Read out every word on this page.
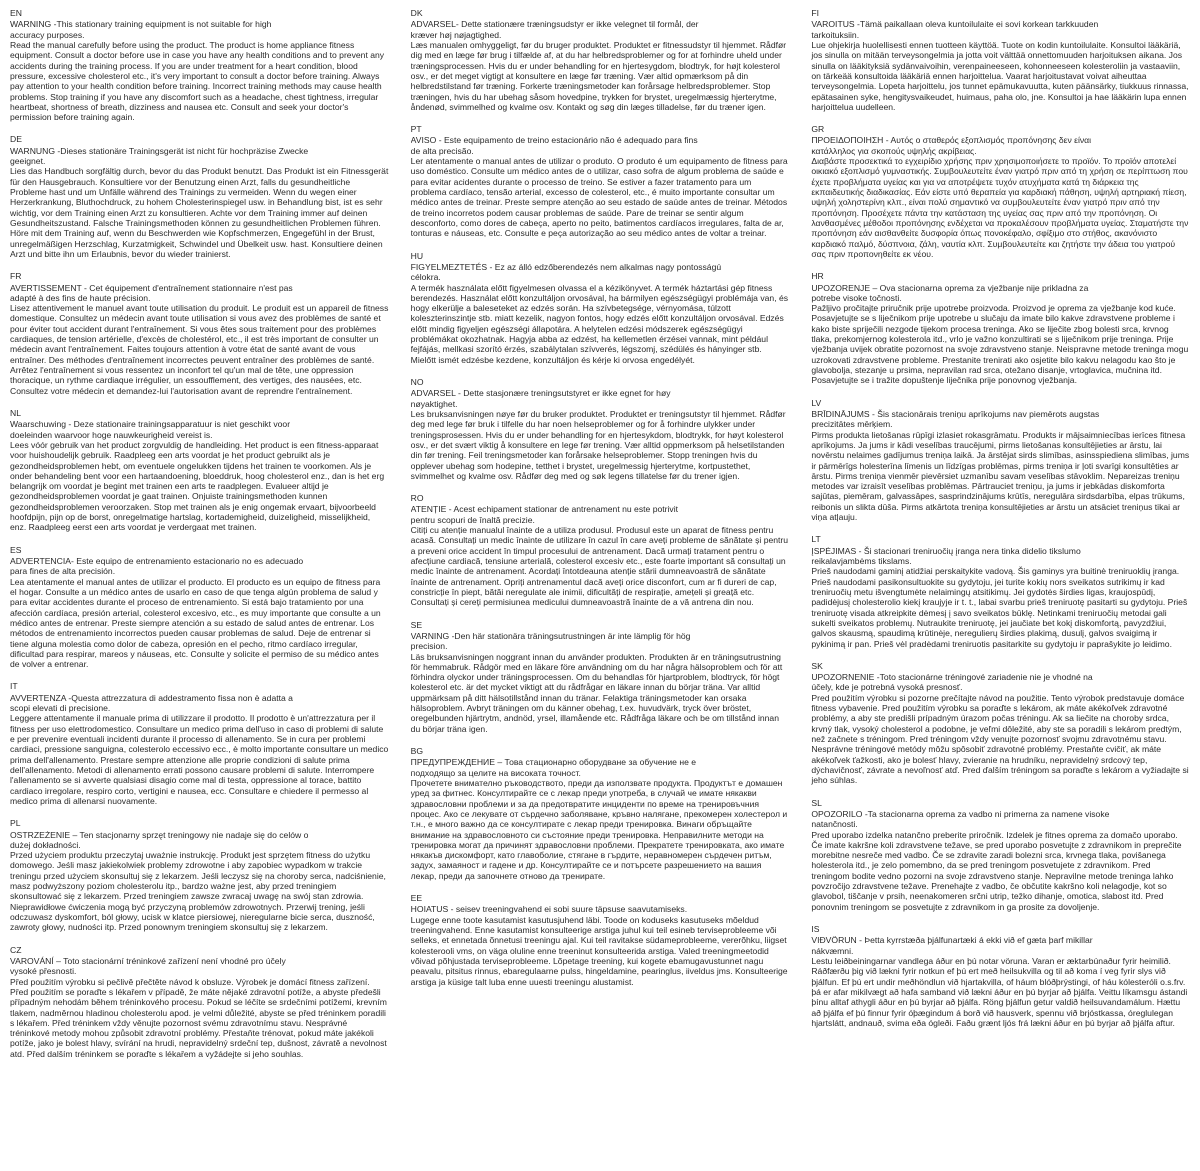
EN
WARNING -This stationary training equipment is not suitable for high
accuracy purposes.
Read the manual carefully before using the product. The product is home appliance fitness equipment. Consult a doctor before use in case you have any health conditions and to prevent any accidents during the training process. If you are under treatment for a heart condition, blood pressure, excessive cholesterol etc., it's very important to consult a doctor before training. Always pay attention to your health condition before training. Incorrect training methods may cause health problems. Stop training if you have any discomfort such as a headache, chest tightness, irregular heartbeat, shortness of breath, dizziness and nausea etc. Consult and seek your doctor's permission before training again.
DE
WARNUNG -Dieses stationäre Trainingsgerät ist nicht für hochpräzise Zwecke
geeignet.
Lies das Handbuch sorgfältig durch, bevor du das Produkt benutzt. Das Produkt ist ein Fitnessgerät für den Hausgebrauch. Konsultiere vor der Benutzung einen Arzt, falls du gesundheitliche Probleme hast und um Unfälle während des Trainings zu vermeiden. Wenn du wegen einer Herzerkrankung, Bluthochdruck, zu hohem Cholesterinspiegel usw. in Behandlung bist, ist es sehr wichtig, vor dem Training einen Arzt zu konsultieren. Achte vor dem Training immer auf deinen Gesundheitszustand. Falsche Trainingsmethoden können zu gesundheitlichen Problemen führen. Höre mit dem Training auf, wenn du Beschwerden wie Kopfschmerzen, Engegefühl in der Brust, unregelmäßigen Herzschlag, Kurzatmigkeit, Schwindel und Übelkeit usw. hast. Konsultiere deinen Arzt und bitte ihn um Erlaubnis, bevor du wieder trainierst.
FR
AVERTISSEMENT - Cet équipement d'entraînement stationnaire n'est pas
adapté à des fins de haute précision.
Lisez attentivement le manuel avant toute utilisation du produit. Le produit est un appareil de fitness domestique. Consultez un médecin avant toute utilisation si vous avez des problèmes de santé et pour éviter tout accident durant l'entraînement. Si vous êtes sous traitement pour des problèmes cardiaques, de tension artérielle, d'excès de cholestérol, etc., il est très important de consulter un médecin avant l'entraînement. Faites toujours attention à votre état de santé avant de vous entraîner. Des méthodes d'entraînement incorrectes peuvent entraîner des problèmes de santé. Arrêtez l'entraînement si vous ressentez un inconfort tel qu'un mal de tête, une oppression thoracique, un rythme cardiaque irrégulier, un essoufflement, des vertiges, des nausées, etc. Consultez votre médecin et demandez-lui l'autorisation avant de reprendre l'entraînement.
NL
Waarschuwing - Deze stationaire trainingsapparatuur is niet geschikt voor
doeleinden waarvoor hoge nauwkeurigheid vereist is.
Lees vóór gebruik van het product zorgvuldig de handleiding. Het product is een fitness-apparaat voor huishoudelijk gebruik. Raadpleeg een arts voordat je het product gebruikt als je gezondheidsproblemen hebt, om eventuele ongelukken tijdens het trainen te voorkomen. Als je onder behandeling bent voor een hartaandoening, bloeddruk, hoog cholesterol enz., dan is het erg belangrijk om voordat je begint met trainen een arts te raadplegen. Evalueer altijd je gezondheidsproblemen voordat je gaat trainen. Onjuiste trainingsmethoden kunnen gezondheidsproblemen veroorzaken. Stop met trainen als je enig ongemak ervaart, bijvoorbeeld hoofdpijn, pijn op de borst, onregelmatige hartslag, kortademigheid, duizeligheid, misselijkheid, enz. Raadpleeg eerst een arts voordat je verdergaat met trainen.
ES
ADVERTENCIA- Este equipo de entrenamiento estacionario no es adecuado
para fines de alta precisión.
Lea atentamente el manual antes de utilizar el producto. El producto es un equipo de fitness para el hogar. Consulte a un médico antes de usarlo en caso de que tenga algún problema de salud y para evitar accidentes durante el proceso de entrenamiento. Si está bajo tratamiento por una afección cardíaca, presión arterial, colesterol excesivo, etc., es muy importante que consulte a un médico antes de entrenar. Preste siempre atención a su estado de salud antes de entrenar. Los métodos de entrenamiento incorrectos pueden causar problemas de salud. Deje de entrenar si tiene alguna molestia como dolor de cabeza, opresión en el pecho, ritmo cardíaco irregular, dificultad para respirar, mareos y náuseas, etc. Consulte y solicite el permiso de su médico antes de volver a entrenar.
IT
AVVERTENZA -Questa attrezzatura di addestramento fissa non è adatta a
scopi elevati di precisione.
Leggere attentamente il manuale prima di utilizzare il prodotto. Il prodotto è un'attrezzatura per il fitness per uso elettrodomestico. Consultare un medico prima dell'uso in caso di problemi di salute e per prevenire eventuali incidenti durante il processo di allenamento. Se in cura per problemi cardiaci, pressione sanguigna, colesterolo eccessivo ecc., è molto importante consultare un medico prima dell'allenamento. Prestare sempre attenzione alle proprie condizioni di salute prima dell'allenamento. Metodi di allenamento errati possono causare problemi di salute. Interrompere l'allenamento se si avverte qualsiasi disagio come mal di testa, oppressione al torace, battito cardiaco irregolare, respiro corto, vertigini e nausea, ecc. Consultare e chiedere il permesso al medico prima di allenarsi nuovamente.
PL
OSTRZEŻENIE – Ten stacjonarny sprzęt treningowy nie nadaje się do celów o
dużej dokładności.
Przed użyciem produktu przeczytaj uważnie instrukcję. Produkt jest sprzętem fitness do użytku domowego. Jeśli masz jakiekolwiek problemy zdrowotne i aby zapobiec wypadkom w trakcie treningu przed użyciem skonsultuj się z lekarzem. Jeśli leczysz się na choroby serca, nadciśnienie, masz podwyższony poziom cholesterolu itp., bardzo ważne jest, aby przed treningiem skonsultować się z lekarzem. Przed treningiem zawsze zwracaj uwagę na swój stan zdrowia. Nieprawidłowe ćwiczenia mogą być przyczyną problemów zdrowotnych. Przerwij trening, jeśli odczuwasz dyskomfort, ból głowy, ucisk w klatce piersiowej, nieregularne bicie serca, duszność, zawroty głowy, nudności itp. Przed ponownym treningiem skonsultuj się z lekarzem.
CZ
VAROVÁNÍ – Toto stacionární tréninkové zařízení není vhodné pro účely
vysoké přesnosti.
Před použitím výrobku si pečlivě přečtěte návod k obsluze. Výrobek je domácí fitness zařízení. Před použitím se poraďte s lékařem v případě, že máte nějaké zdravotní potíže, a abyste předešli případným nehodám během tréninkového procesu. Pokud se léčíte se srdečními potížemi, krevním tlakem, nadměrnou hladinou cholesterolu apod. je velmi důležité, abyste se před tréninkem poradili s lékařem. Před tréninkem vždy věnujte pozornost svému zdravotnímu stavu. Nesprávné tréninkové metody mohou způsobit zdravotní problémy. Přestaňte trénovat, pokud máte jakékoli potíže, jako je bolest hlavy, svírání na hrudi, nepravidelný srdeční tep, dušnost, závratě a nevolnost atd. Před dalším tréninkem se poraďte s lékařem a vyžádejte si jeho souhlas.
DK
ADVARSEL- Dette stationære træningsudstyr er ikke velegnet til formål, der
kræver høj nøjagtighed.
Læs manualen omhyggeligt, før du bruger produktet. Produktet er fitnessudstyr til hjemmet. Rådfør dig med en læge før brug i tilfælde af, at du har helbredsproblemer og for at forhindre uheld under træningsprocessen. Hvis du er under behandling for en hjertesygdom, blodtryk, for højt kolesterol osv., er det meget vigtigt at konsultere en læge før træning. Vær altid opmærksom på din helbredstilstand før træning. Forkerte træningsmetoder kan forårsage helbredsproblemer. Stop træningen, hvis du har ubehag såsom hovedpine, trykken for brystet, uregelmæssig hjerterytme, åndenød, svimmelhed og kvalme osv. Kontakt og søg din læges tilladelse, før du træner igen.
PT
AVISO - Este equipamento de treino estacionário não é adequado para fins
de alta precisão.
Ler atentamente o manual antes de utilizar o produto. O produto é um equipamento de fitness para uso doméstico. Consulte um médico antes de o utilizar, caso sofra de algum problema de saúde e para evitar acidentes durante o processo de treino. Se estiver a fazer tratamento para um problema cardíaco, tensão arterial, excesso de colesterol, etc., é muito importante consultar um médico antes de treinar. Preste sempre atenção ao seu estado de saúde antes de treinar. Métodos de treino incorretos podem causar problemas de saúde. Pare de treinar se sentir algum desconforto, como dores de cabeça, aperto no peito, batimentos cardíacos irregulares, falta de ar, tonturas e náuseas, etc. Consulte e peça autorização ao seu médico antes de voltar a treinar.
HU
FIGYELMEZTETÉS - Ez az álló edzőberendezés nem alkalmas nagy pontosságú
célokra.
A termék használata előtt figyelmesen olvassa el a kézikönyvet. A termék háztartási gép fitness berendezés. Használat előtt konzultáljon orvosával, ha bármilyen egészségügyi problémája van, és hogy elkerülje a baleseteket az edzés során. Ha szívbetegsége, vérnyomása, túlzott koleszterinszintje stb. miatt kezelik, nagyon fontos, hogy edzés előtt konzultáljon orvosával. Edzés előtt mindig figyeljen egészségi állapotára. A helytelen edzési módszerek egészségügyi problémákat okozhatnak. Hagyja abba az edzést, ha kellemetlen érzései vannak, mint például fejfájás, mellkasi szorító érzés, szabálytalan szívverés, légszomj, szédülés és hányinger stb. Mielőtt ismét edzésbe kezdene, konzultáljon és kérje ki orvosa engedélyét.
NO
ADVARSEL - Dette stasjonære treningsutstyret er ikke egnet for høy
nøyaktighet.
Les bruksanvisningen nøye før du bruker produktet. Produktet er treningsutstyr til hjemmet. Rådfør deg med lege før bruk i tilfelle du har noen helseproblemer og for å forhindre ulykker under treningsprosessen. Hvis du er under behandling for en hjertesykdom, blodtrykk, for høyt kolesterol osv., er det svært viktig å konsultere en lege før trening. Vær alltid oppmerksom på helsetilstanden din før trening. Feil treningsmetoder kan forårsake helseproblemer. Stopp treningen hvis du opplever ubehag som hodepine, tetthet i brystet, uregelmessig hjerterytme, kortpustethet, svimmelhet og kvalme osv. Rådfør deg med og søk legens tillatelse før du trener igjen.
RO
ATENȚIE - Acest echipament stationar de antrenament nu este potrivit
pentru scopuri de înaltă precizie.
Citiți cu atenție manualul înainte de a utiliza produsul. Produsul este un aparat de fitness pentru acasă. Consultați un medic înainte de utilizare în cazul în care aveți probleme de sănătate și pentru a preveni orice accident în timpul procesului de antrenament. Dacă urmați tratament pentru o afecțiune cardiacă, tensiune arterială, colesterol excesiv etc., este foarte important să consultați un medic înainte de antrenament. Acordați întotdeauna atenție stării dumneavoastră de sănătate înainte de antrenament. Opriți antrenamentul dacă aveți orice disconfort, cum ar fi dureri de cap, constricție în piept, bătăi neregulate ale inimii, dificultăți de respirație, amețeli și greață etc. Consultați și cereți permisiunea medicului dumneavoastră înainte de a vă antrena din nou.
SE
VARNING -Den här stationära träningsutrustningen är inte lämplig för hög
precision.
Läs bruksanvisningen noggrant innan du använder produkten. Produkten är en träningsutrustning för hemmabruk. Rådgör med en läkare före användning om du har några hälsoproblem och för att förhindra olyckor under träningsprocessen. Om du behandlas för hjartproblem, blodtryck, för högt kolesterol etc. är det mycket viktigt att du rådfrågar en läkare innan du börjar träna. Var alltid uppmärksam på ditt hälsotillstånd innan du tränar. Felaktiga träningsmetoder kan orsaka hälsoproblem. Avbryt träningen om du känner obehag, t.ex. huvudvärk, tryck över bröstet, oregelbunden hjärtrytm, andnöd, yrsel, illamående etc. Rådfråga läkare och be om tillstånd innan du börjar träna igen.
BG
ПРЕДУПРЕЖДЕНИЕ – Това стационарно оборудване за обучение не е
подходящо за целите на високата точност.
Прочетете внимателно ръководството, преди да използвате продукта. Продуктът е домашен уред за фитнес. Консултирайте се с лекар преди употреба, в случай че имате някакви здравословни проблеми и за да предотвратите инциденти по време на тренировъчния процес. Ако се лекувате от сърдечно заболяване, кръвно налягане, прекомерен холестерол и т.н., е много важно да се консултирате с лекар преди тренировка. Винаги обръщайте внимание на здравословното си състояние преди тренировка. Неправилните методи на тренировка могат да причинят здравословни проблеми. Прекратете тренировката, ако имате някакъв дискомфорт, като главоболие, стягане в гърдите, неравномерен сърдечен ритъм, задух, замаяност и гадене и др. Консултирайте се и потърсете разрешението на вашия лекар, преди да започнете отново да тренирате.
EE
HOIATUS - seisev treeningvahend ei sobi suure täpsuse saavutamiseks.
Lugege enne toote kasutamist kasutusjuhend läbi. Toode on koduseks kasutuseks mõeldud treeningvahend. Enne kasutamist konsulteerige arstiga juhul kui teil esineb terviseprobleeme või selleks, et ennetada õnnetusi treeningu ajal. Kui teil ravitakse südameprobleeme, vererõhku, liigset kolesterooli vms, on väga oluline enne treeninut konsulteerida arstiga. Valed treeningmeetodid võivad põhjustada terviseprobleeme. Lõpetage treening, kui kogete ebamugavustunnet nagu peavalu, pitsitus rinnus, ebaregulaarne pulss, hingeldamine, pearinglus, iiveldus jms. Konsulteerige arstiga ja küsige talt luba enne uuesti treeningu alustamist.
FI
VAROITUS -Tämä paikallaan oleva kuntoilulaite ei sovi korkean tarkkuuden
tarkoituksiin.
Lue ohjekirja huolellisesti ennen tuotteen käyttöä. Tuote on kodin kuntoilulaite. Konsultoi lääkäriä, jos sinulla on mitään terveysongelmia ja jotta voit välttää onnettomuuden harjoituksen aikana. Jos sinulla on lääkityksiä sydänvaivoihin, verenpaineeseen, kohonneeseen kolesteroliin ja vastaaviin, on tärkeää konsultoida lääkäriä ennen harjoittelua. Vaarat harjoitustavat voivat aiheuttaa terveysongelmia. Lopeta harjoittelu, jos tunnet epämukavuutta, kuten päänsärky, tiukkuus rinnassa, epätasainen syke, hengitysvaikeudet, huimaus, paha olo, jne. Konsultoi ja hae lääkärin lupa ennen harjoittelua uudelleen.
GR
ΠΡΟΕΙΔΟΠΟΙΗΣΗ - Αυτός ο σταθερός εξοπλισμός προπόνησης δεν είναι
κατάλληλος για σκοπούς υψηλής ακρίβειας.
Διαβάστε προσεκτικά το εγχειρίδιο χρήσης πριν χρησιμοποιήσετε το προϊόν. Το προϊόν αποτελεί οικιακό εξοπλισμό γυμναστικής. Συμβουλευτείτε έναν γιατρό πριν από τη χρήση σε περίπτωση που έχετε προβλήματα υγείας και για να αποτρέψετε τυχόν ατυχήματα κατά τη διάρκεια της εκπαιδευτικής διαδικασίας. Εάν είστε υπό θεραπεία για καρδιακή πάθηση, υψηλή αρτηριακή πίεση, υψηλή χοληστερίνη κλπ., είναι πολύ σημαντικό να συμβουλευτείτε έναν γιατρό πριν από την προπόνηση. Προσέχετε πάντα την κατάσταση της υγείας σας πριν από την προπόνηση. Οι λανθασμένες μέθοδοι προπόνησης ενδέχεται να προκαλέσουν προβλήματα υγείας. Σταματήστε την προπόνηση εάν αισθανθείτε δυσφορία όπως πονοκέφαλο, σφίξιμο στο στήθος, ακανόνιστο καρδιακό παλμό, δύσπνοια, ζάλη, ναυτία κλπ. Συμβουλευτείτε και ζητήστε την άδεια του γιατρού σας πριν προπονηθείτε εκ νέου.
HR
UPOZORENJE – Ova stacionarna oprema za vježbanje nije prikladna za
potrebe visoke točnosti.
Pažljivo pročitajte priručnik prije upotrebe proizvoda. Proizvod je oprema za vježbanje kod kuće. Posavjetujte se s liječnikom prije upotrebe u slučaju da imate bilo kakve zdravstvene probleme i kako biste spriječili nezgode tijekom procesa treninga. Ako se liječite zbog bolesti srca, krvnog tlaka, prekomjernog kolesterola itd., vrlo je važno konzultirati se s liječnikom prije treninga. Prije vježbanja uvijek obratite pozornost na svoje zdravstveno stanje. Neispravne metode treninga mogu uzrokovati zdravstvene probleme. Prestanite trenirati ako osjetite bilo kakvu nelagodu kao što je glavobolja, stezanje u prsima, nepravilan rad srca, otežano disanje, vrtoglavica, mučnina itd. Posavjetujte se i tražite dopuštenje liječnika prije ponovnog vježbanja.
LV
BRĪDINĀJUMS - Šis stacionārais treniņu aprīkojums nav piemērots augstas
precizitātes mērķiem.
Pirms produkta lietošanas rūpīgi izlasiet rokasgrāmatu. Produkts ir mājsaimniecības ierīces fitnesa aprīkojums. Ja jums ir kādi veselības traucējumi, pirms lietošanas konsultējieties ar ārstu, lai novērstu nelaimes gadījumus treniņa laikā. Ja ārstējat sirds slimības, asinsspiediena slimības, jums ir pārmērīgs holesterīna līmenis un līdzīgas problēmas, pirms treniņa ir ļoti svarīgi konsultēties ar ārstu. Pirms treniņa vienmēr pievērsiet uzmanību savam veselības stāvoklim. Nepareizas treniņu metodes var izraisīt veselības problēmas. Pārtrauciet treniņu, ja jums ir jebkādas diskomforta sajūtas, piemēram, galvassāpes, sasprindzinājums krūtīs, neregulāra sirdsdarbība, elpas trūkums, reibonis un slikta dūša. Pirms atkārtota treniņa konsultējieties ar ārstu un atsāciet treniņus tikai ar viņa atļauju.
LT
ĮSPĖJIMAS - Ši stacionari treniruočių įranga nera tinka didelio tikslumo
reikalavjambėms tikslams.
Prieš naudodami gaminį atidžiai perskaitykite vadovą. Šis gaminys yra buitinė treniruoklių įranga. Prieš naudodami pasikonsultuokite su gydytoju, jei turite kokių nors sveikatos sutrikimų ir kad treniruočių metu išvengtumėte nelaimingų atsitikimų. Jei gydotės širdies ligas, kraujospūdį, padidėjusį cholesterolio kiekį kraujyje ir t. t., labai svarbu prieš treniruotę pasitarti su gydytoju. Prieš treniruotę visada atkreipkite dėmesį į savo sveikatos būklę. Netinkami treniruočių metodai gali sukelti sveikatos problemų. Nutraukite treniruotę, jei jaučiate bet kokį diskomfortą, pavyzdžiui, galvos skausmą, spaudimą krūtinėje, neregulierų širdies plakimą, dusulį, galvos svaigimą ir pykinimą ir pan. Prieš vėl pradėdami treniruotis pasitarkite su gydytoju ir paprašykite jo leidimo.
SK
UPOZORNENIE -Toto stacionárne tréningové zariadenie nie je vhodné na
účely, kde je potrebná vysoká presnosť.
Pred použitím výrobku si pozorne prečítajte návod na použitie. Tento výrobok predstavuje domáce fitness vybavenie. Pred použitím výrobku sa poraďte s lekárom, ak máte akékoľvek zdravotné problémy, a aby ste predišli prípadným úrazom počas tréningu. Ak sa liečite na choroby srdca, krvný tlak, vysoký cholesterol a podobne, je veľmi dôležité, aby ste sa poradili s lekárom predtým, než začnete s tréningom. Pred tréningom vždy venujte pozornosť svojmu zdravotnému stavu. Nesprávne tréningové metódy môžu spôsobiť zdravotné problémy. Prestaňte cvičiť, ak máte akékoľvek ťažkosti, ako je bolesť hlavy, zvieranie na hrudníku, nepravidelný srdcový tep, dýchavičnosť, závrate a nevoľnosť atď. Pred ďalším tréningom sa poraďte s lekárom a vyžiadajte si jeho súhlas.
SL
OPOZORILO -Ta stacionarna oprema za vadbo ni primerna za namene visoke
natančnosti.
Pred uporabo izdelka natančno preberite priročnik. Izdelek je fitnes oprema za domačo uporabo. Če imate kakršne koli zdravstvene težave, se pred uporabo posvetujte z zdravnikom in preprečite morebitne nesreče med vadbo. Če se zdravite zaradi bolezni srca, krvnega tlaka, povišanega holesterola itd., je zelo pomembno, da se pred treningom posvetujete z zdravnikom. Pred treningom bodite vedno pozorni na svoje zdravstveno stanje. Nepravilne metode treninga lahko povzročijo zdravstvene težave. Prenehajte z vadbo, če občutite kakršno koli nelagodje, kot so glavobol, tiščanje v prsih, neenakomeren srčni utrip, težko dihanje, omotica, slabost itd. Pred ponovnim treningom se posvetujte z zdravnikom in ga prosite za dovoljenje.
IS
VIÐVÖRUN - Þetta kyrrstæða þjálfunartæki á ekki við ef gæta þarf mikillar
nákvæmni.
Lestu leiðbeiningarnar vandlega áður en þú notar vöruna. Varan er æktarbúnaður fyrir heimilið. Ráðfærðu þig við lækni fyrir notkun ef þú ert með heilsukvilla og til að koma í veg fyrir slys við þjálfun. Ef þú ert undir meðhöndlun við hjartakvilla, of háum blóðþrýstingi, of háu kólesteróli o.s.frv. þá er afar mikilvægt að hafa samband við lækni áður en þú byrjar að þjálfa. Veittu líkamsgu ástandi þínu alltaf athygli áður en þú byrjar að þjálfa. Röng þjálfun getur valdið heilsuvandamálum. Hættu að þjálfa ef þú finnur fyrir óþægindum á borð við hausverk, spennu við brjóstkassa, óreglulegan hjartslátt, andnauð, svima eða ógleði. Faðu grænt ljós frá lækni áður en þú byrjar að þjálfa aftur.
